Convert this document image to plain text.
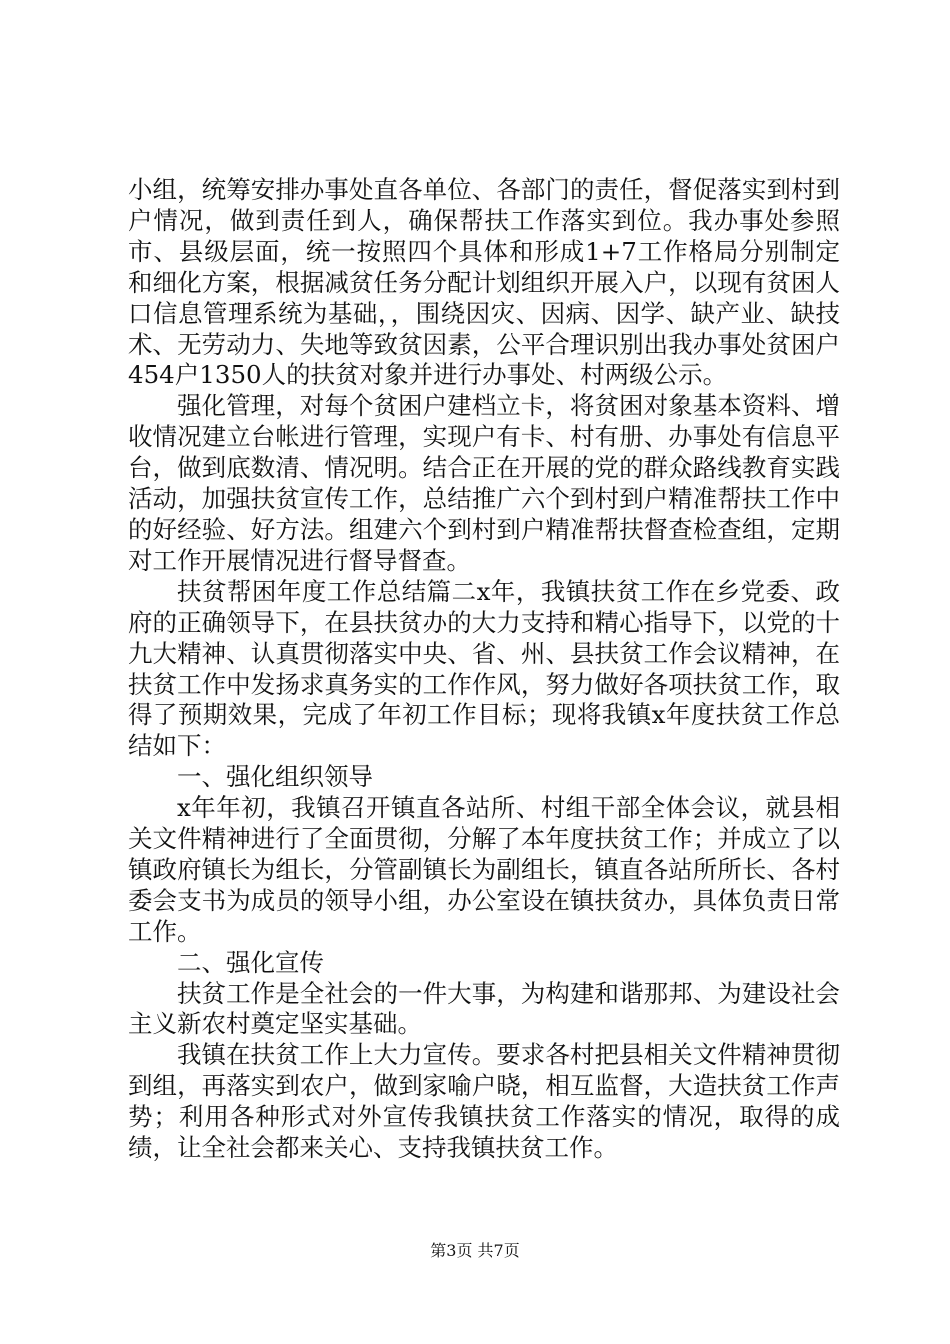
小组，统筹安排办事处直各单位、各部门的责任，督促落实到村到户情况，做到责任到人，确保帮扶工作落实到位。我办事处参照市、县级层面，统一按照四个具体和形成1+7工作格局分别制定和细化方案，根据减贫任务分配计划组织开展入户，以现有贫困人口信息管理系统为基础，，围绕因灾、因病、因学、缺产业、缺技术、无劳动力、失地等致贫因素，公平合理识别出我办事处贫困户454户1350人的扶贫对象并进行办事处、村两级公示。

强化管理，对每个贫困户建档立卡，将贫困对象基本资料、增收情况建立台帐进行管理，实现户有卡、村有册、办事处有信息平台，做到底数清、情况明。结合正在开展的党的群众路线教育实践活动，加强扶贫宣传工作，总结推广六个到村到户精准帮扶工作中的好经验、好方法。组建六个到村到户精准帮扶督查检查组，定期对工作开展情况进行督导督查。

扶贫帮困年度工作总结篇二x年，我镇扶贫工作在乡党委、政府的正确领导下，在县扶贫办的大力支持和精心指导下，以党的十九大精神、认真贯彻落实中央、省、州、县扶贫工作会议精神，在扶贫工作中发扬求真务实的工作作风，努力做好各项扶贫工作，取得了预期效果，完成了年初工作目标；现将我镇x年度扶贫工作总结如下：

一、强化组织领导

x年年初，我镇召开镇直各站所、村组干部全体会议，就县相关文件精神进行了全面贯彻，分解了本年度扶贫工作；并成立了以镇政府镇长为组长，分管副镇长为副组长，镇直各站所所长、各村委会支书为成员的领导小组，办公室设在镇扶贫办，具体负责日常工作。

二、强化宣传

扶贫工作是全社会的一件大事，为构建和谐那邦、为建设社会主义新农村奠定坚实基础。

我镇在扶贫工作上大力宣传。要求各村把县相关文件精神贯彻到组，再落实到农户，做到家喻户晓，相互监督，大造扶贫工作声势；利用各种形式对外宣传我镇扶贫工作落实的情况，取得的成绩，让全社会都来关心、支持我镇扶贫工作。

第3页 共7页
